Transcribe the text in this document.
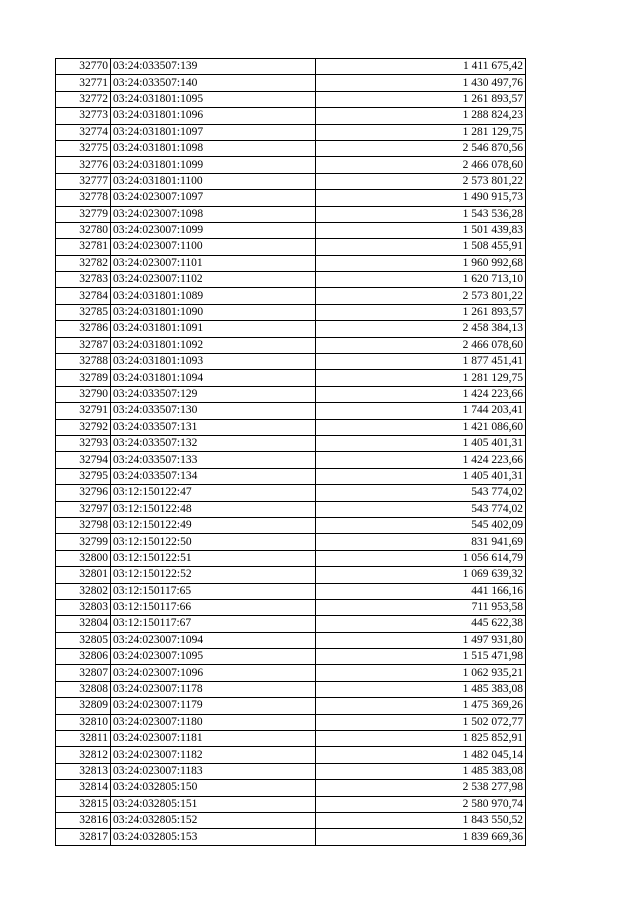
32770	03:24:033507:139	1 411 675,42
32771	03:24:033507:140	1 430 497,76
32772	03:24:031801:1095	1 261 893,57
32773	03:24:031801:1096	1 288 824,23
32774	03:24:031801:1097	1 281 129,75
32775	03:24:031801:1098	2 546 870,56
32776	03:24:031801:1099	2 466 078,60
32777	03:24:031801:1100	2 573 801,22
32778	03:24:023007:1097	1 490 915,73
32779	03:24:023007:1098	1 543 536,28
32780	03:24:023007:1099	1 501 439,83
32781	03:24:023007:1100	1 508 455,91
32782	03:24:023007:1101	1 960 992,68
32783	03:24:023007:1102	1 620 713,10
32784	03:24:031801:1089	2 573 801,22
32785	03:24:031801:1090	1 261 893,57
32786	03:24:031801:1091	2 458 384,13
32787	03:24:031801:1092	2 466 078,60
32788	03:24:031801:1093	1 877 451,41
32789	03:24:031801:1094	1 281 129,75
32790	03:24:033507:129	1 424 223,66
32791	03:24:033507:130	1 744 203,41
32792	03:24:033507:131	1 421 086,60
32793	03:24:033507:132	1 405 401,31
32794	03:24:033507:133	1 424 223,66
32795	03:24:033507:134	1 405 401,31
32796	03:12:150122:47	543 774,02
32797	03:12:150122:48	543 774,02
32798	03:12:150122:49	545 402,09
32799	03:12:150122:50	831 941,69
32800	03:12:150122:51	1 056 614,79
32801	03:12:150122:52	1 069 639,32
32802	03:12:150117:65	441 166,16
32803	03:12:150117:66	711 953,58
32804	03:12:150117:67	445 622,38
32805	03:24:023007:1094	1 497 931,80
32806	03:24:023007:1095	1 515 471,98
32807	03:24:023007:1096	1 062 935,21
32808	03:24:023007:1178	1 485 383,08
32809	03:24:023007:1179	1 475 369,26
32810	03:24:023007:1180	1 502 072,77
32811	03:24:023007:1181	1 825 852,91
32812	03:24:023007:1182	1 482 045,14
32813	03:24:023007:1183	1 485 383,08
32814	03:24:032805:150	2 538 277,98
32815	03:24:032805:151	2 580 970,74
32816	03:24:032805:152	1 843 550,52
32817	03:24:032805:153	1 839 669,36
